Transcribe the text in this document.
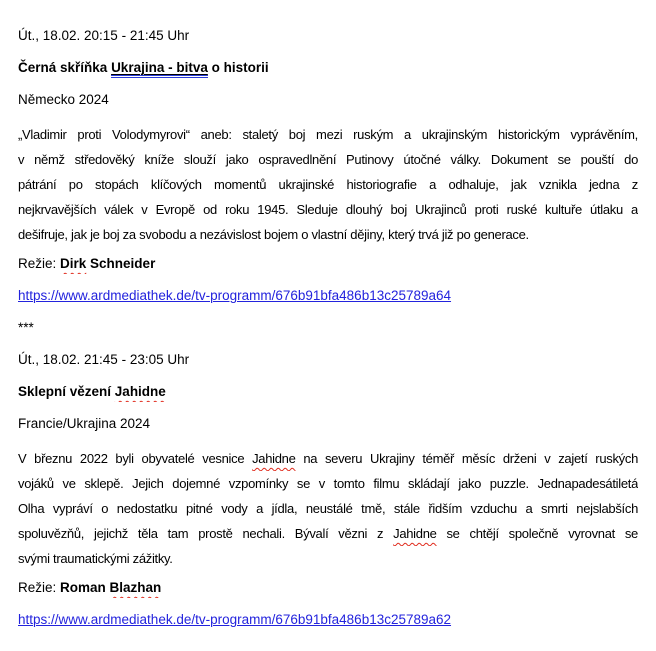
Út., 18.02. 20:15 - 21:45 Uhr
Černá skříňka Ukrajina - bitva o historii
Německo 2024
„Vladimir proti Volodymyrovi“ aneb: staletý boj mezi ruským a ukrajinským historickým vyprávěním,
v němž středověký kníže slouží jako ospravedlnění Putinovy útočné války. Dokument se pouští do
pátrání po stopách klíčových momentů ukrajinské historiografie a odhaluje, jak vznikla jedna z
nejkrvavějších válek v Evropě od roku 1945. Sleduje dlouhý boj Ukrajinců proti ruské kultuře útlaku a
dešifruje, jak je boj za svobodu a nezávislost bojem o vlastní dějiny, který trvá již po generace.
Režie: Dirk Schneider
https://www.ardmediathek.de/tv-programm/676b91bfa486b13c25789a64
***
Út., 18.02. 21:45 - 23:05 Uhr
Sklepní vězení Jahidne
Francie/Ukrajina 2024
V březnu 2022 byli obyvatelé vesnice Jahidne na severu Ukrajiny téměř měsíc drženi v zajetí ruských
vojáků ve sklepě. Jejich dojemné vzpomínky se v tomto filmu skládají jako puzzle. Jednapadesátiletá
Olha vypráví o nedostatku pitné vody a jídla, neustálé tmě, stále řidším vzduchu a smrti nejslabších
spoluvězňů, jejichž těla tam prostě nechali. Bývalí vězni z Jahidne se chtějí společně vyrovnat se
svými traumatickými zážitky.
Režie: Roman Blazhan
https://www.ardmediathek.de/tv-programm/676b91bfa486b13c25789a62
